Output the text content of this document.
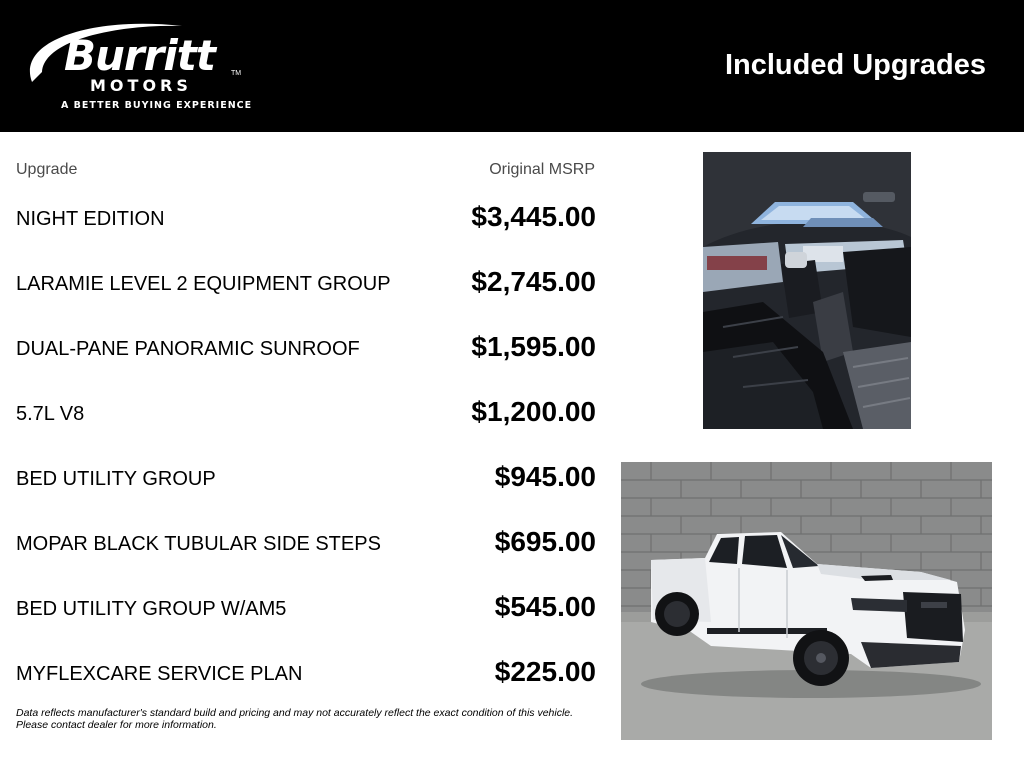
Burritt TM
MOTORS
A BETTER BUYING EXPERIENCE
Included Upgrades
Upgrade	Original MSRP
NIGHT EDITION	$3,445.00
LARAMIE LEVEL 2 EQUIPMENT GROUP	$2,745.00
DUAL-PANE PANORAMIC SUNROOF	$1,595.00
5.7L V8	$1,200.00
BED UTILITY GROUP	$945.00
MOPAR BLACK TUBULAR SIDE STEPS	$695.00
BED UTILITY GROUP W/AM5	$545.00
MYFLEXCARE SERVICE PLAN	$225.00
Data reflects manufacturer's standard build and pricing and may not accurately reflect the exact condition of this vehicle. Please contact dealer for more information.
